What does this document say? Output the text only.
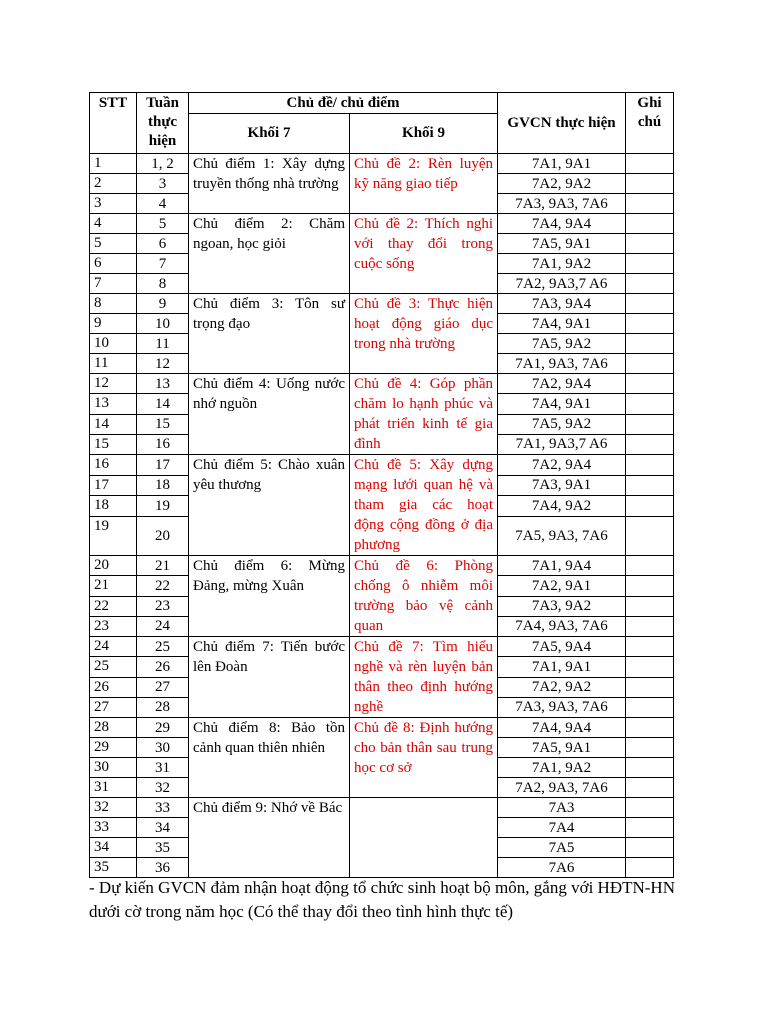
STT	Tuần thực hiện	Chủ đề/ chủ điểm		GVCN thực hiện	Ghi chú
		Khối 7	Khối 9		
1	1, 2	Chủ điểm 1: Xây dựng truyền thống nhà trường	Chủ đề 2: Rèn luyện kỹ năng giao tiếp	7A1, 9A1	
2	3			7A2, 9A2	
3	4			7A3, 9A3, 7A6	
4	5	Chủ điểm 2: Chăm ngoan, học giỏi	Chủ đề 2: Thích nghi với thay đổi trong cuộc sống	7A4, 9A4	
5	6			7A5, 9A1	
6	7			7A1, 9A2	
7	8			7A2, 9A3,7 A6	
8	9	Chủ điểm 3: Tôn sư trọng đạo	Chủ đề 3: Thực hiện hoạt động giáo dục trong nhà trường	7A3, 9A4	
9	10			7A4, 9A1	
10	11			7A5, 9A2	
11	12			7A1, 9A3, 7A6	
12	13	Chủ điểm 4: Uống nước nhớ nguồn	Chủ đề 4: Góp phần chăm lo hạnh phúc và phát triển kinh tế gia đình	7A2, 9A4	
13	14			7A4, 9A1	
14	15			7A5, 9A2	
15	16			7A1, 9A3,7 A6	
16	17	Chủ điểm 5: Chào xuân yêu thương	Chủ đề 5: Xây dựng mạng lưới quan hệ và tham gia các hoạt động cộng đồng ở địa phương	7A2, 9A4	
17	18			7A3, 9A1	
18	19			7A4, 9A2	
19	20			7A5, 9A3, 7A6	
20	21	Chủ điểm 6: Mừng Đảng, mừng Xuân	Chủ đề 6: Phòng chống ô nhiễm môi trường bảo vệ cảnh quan	7A1, 9A4	
21	22			7A2, 9A1	
22	23			7A3, 9A2	
23	24			7A4, 9A3, 7A6	
24	25	Chủ điểm 7: Tiến bước lên Đoàn	Chủ đề 7: Tìm hiểu nghề và rèn luyện bản thân theo định hướng nghề	7A5, 9A4	
25	26			7A1, 9A1	
26	27			7A2, 9A2	
27	28			7A3, 9A3, 7A6	
28	29	Chủ điểm 8: Bảo tồn cảnh quan thiên nhiên	Chủ đề 8: Định hướng cho bản thân sau trung học cơ sở	7A4, 9A4	
29	30			7A5, 9A1	
30	31			7A1, 9A2	
31	32			7A2, 9A3, 7A6	
32	33	Chủ điểm 9: Nhớ về Bác		7A3	
33	34			7A4	
34	35			7A5	
35	36			7A6	
- Dự kiến GVCN đảm nhận hoạt động tổ chức sinh hoạt bộ môn, gắng với HĐTN-HN dưới cờ trong năm học (Có thể thay đổi theo tình hình thực tế)
